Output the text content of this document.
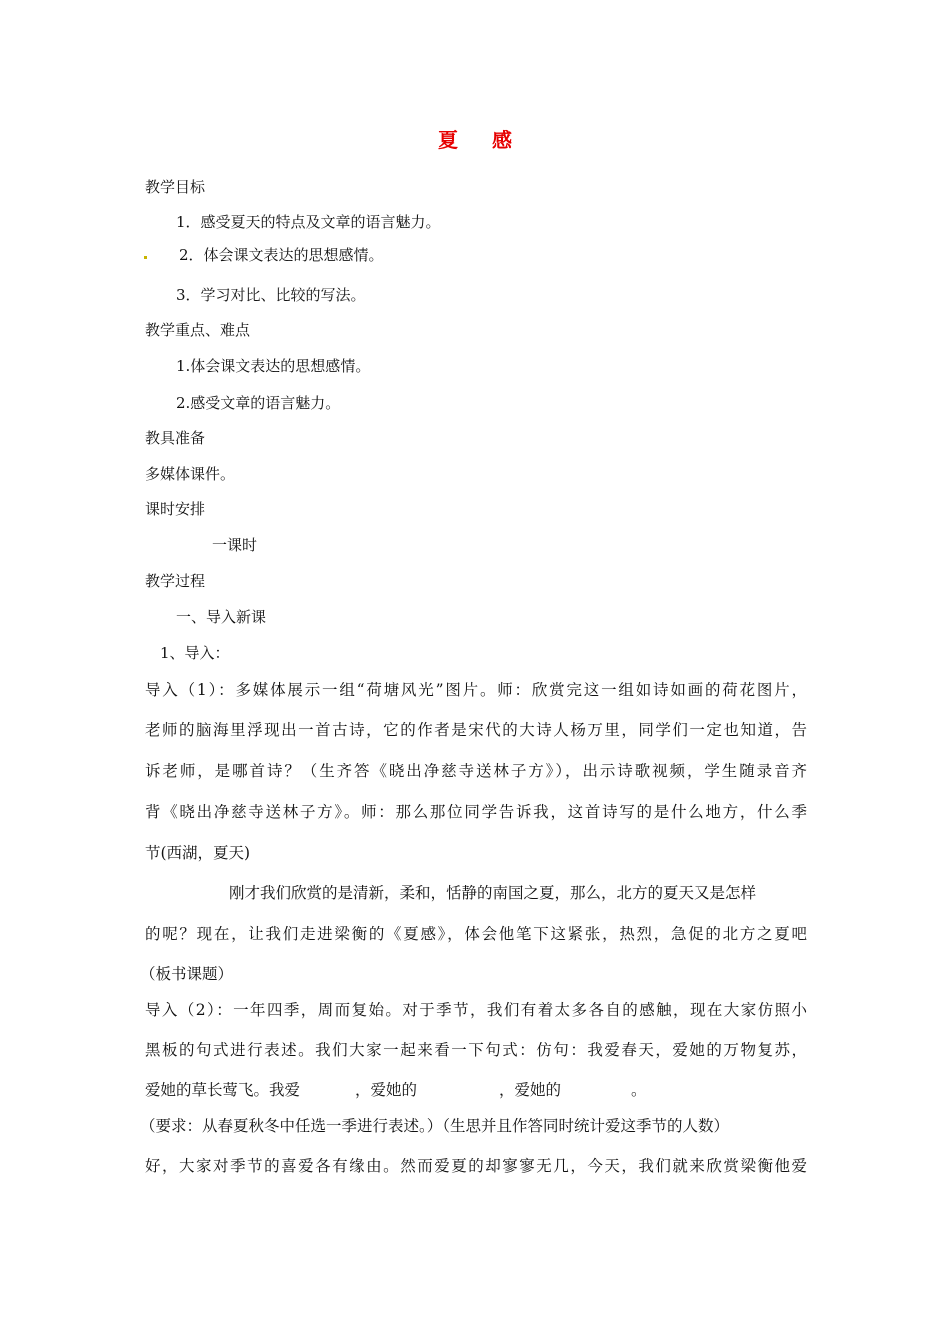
夏 感
教学目标
1．感受夏天的特点及文章的语言魅力。
2．体会课文表达的思想感情。
3．学习对比、比较的写法。
教学重点、难点
1.体会课文表达的思想感情。
2.感受文章的语言魅力。
教具准备
多媒体课件。
课时安排
一课时
教学过程
一、导入新课
1、导入：
导入（1）：多媒体展示一组“荷塘风光”图片。师：欣赏完这一组如诗如画的荷花图片，
老师的脑海里浮现出一首古诗，它的作者是宋代的大诗人杨万里，同学们一定也知道，告
诉老师，是哪首诗？（生齐答《晓出净慈寺送林子方》），出示诗歌视频，学生随录音齐
背《晓出净慈寺送林子方》。师：那么那位同学告诉我，这首诗写的是什么地方，什么季
节(西湖，夏天)
刚才我们欣赏的是清新，柔和，恬静的南国之夏，那么，北方的夏天又是怎样
的呢？现在，让我们走进梁衡的《夏感》，体会他笔下这紧张，热烈，急促的北方之夏吧
（板书课题）
导入（2）：一年四季，周而复始。对于季节，我们有着太多各自的感触，现在大家仿照小
黑板的句式进行表述。我们大家一起来看一下句式：仿句：我爱春天，爱她的万物复苏，
爱她的草长莺飞。我爱	，爱她的	，爱她的	。
（要求：从春夏秋冬中任选一季进行表述。）（生思并且作答同时统计爱这季节的人数）
好，大家对季节的喜爱各有缘由。然而爱夏的却寥寥无几，今天，我们就来欣赏梁衡他爱
